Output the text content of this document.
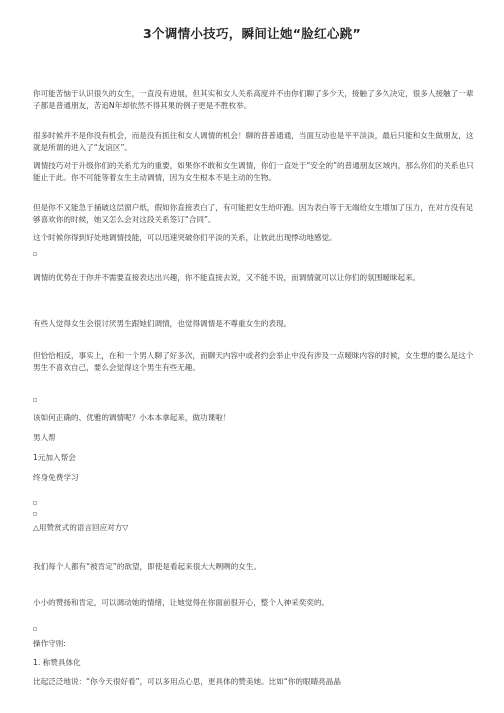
3个调情小技巧，瞬间让她“脸红心跳”

你可能苦恼于认识很久的女生，一直没有进展，但其实和女人关系高度并不由你们聊了多少天，接触了多久决定，很多人接触了一辈子都是普通朋友，苦追N年却依然不得其果的例子更是不胜枚举。

很多时候并不是你没有机会，而是没有抓住和女人调情的机会！聊的普普通通，当面互动也是平平淡淡，最后只能和女生做朋友，这就是所谓的进入了“友谊区”。

调情技巧对于升级你们的关系尤为的重要，如果你不敢和女生调情，你们一直处于“安全的”的普通朋友区域内，那么你们的关系也只能止于此。你不可能等着女生主动调情，因为女生根本不是主动的生物。

但是你不又能急于捅破这层窗户纸，假如你直接表白了，有可能把女生给吓跑。因为表白等于无端给女生增加了压力，在对方没有足够喜欢你的时候，她又怎么会对这段关系签订“合同”。

这个时候你得到好处地调情技能，可以迅速突破你们平淡的关系，让彼此出现悸动地感觉。

调情的优势在于你并不需要直接表达出兴趣，你不能直接去说，又不能不说，而调情就可以让你们的氛围暧昧起来。

有些人觉得女生会很讨厌男生跟她们调情，也觉得调情是不尊重女生的表现。

但恰恰相反，事实上，在和一个男人聊了好多次，而聊天内容中或者约会举止中没有涉及一点暧昧内容的时候，女生想的要么是这个男生不喜欢自己，要么会觉得这个男生有些无趣。

该如何正确的、优雅的调情呢？小本本拿起来，做功课啦！

男人帮

1元加入帮会

终身免费学习

△用赞赏式的语言回应对方▽

我们每个人都有“被肯定”的欲望，即使是看起来很大大咧咧的女生。

小小的赞扬和肯定，可以调动她的情绪，让她觉得在你面前很开心，整个人神采奕奕的。

操作守则:

1. 称赞具体化

比起泛泛地说：“你今天很好看”，可以多用点心思，更具体的赞美她。比如“你的眼睛亮晶晶
